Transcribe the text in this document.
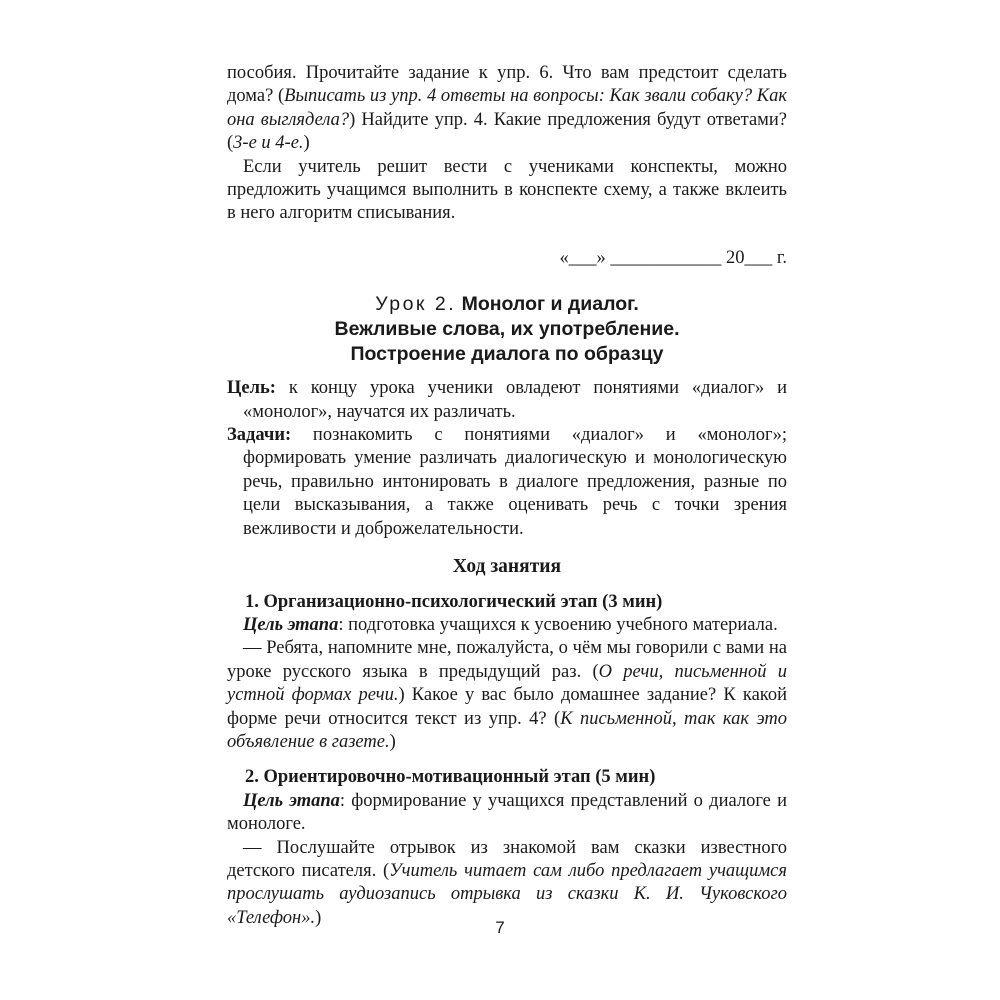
пособия. Прочитайте задание к упр. 6. Что вам предстоит сделать дома? (Выписать из упр. 4 ответы на вопросы: Как звали собаку? Как она выглядела?) Найдите упр. 4. Какие предложения будут ответами? (3-е и 4-е.)

Если учитель решит вести с учениками конспекты, можно предложить учащимся выполнить в конспекте схему, а также вклеить в него алгоритм списывания.

«___» ____________ 20___ г.

Урок 2. Монолог и диалог.
Вежливые слова, их употребление.
Построение диалога по образцу

Цель: к концу урока ученики овладеют понятиями «диалог» и «монолог», научатся их различать.

Задачи: познакомить с понятиями «диалог» и «монолог»; формировать умение различать диалогическую и монологическую речь, правильно интонировать в диалоге предложения, разные по цели высказывания, а также оценивать речь с точки зрения вежливости и доброжелательности.

Ход занятия

1. Организационно-психологический этап (3 мин)

Цель этапа: подготовка учащихся к усвоению учебного материала.

— Ребята, напомните мне, пожалуйста, о чём мы говорили с вами на уроке русского языка в предыдущий раз. (О речи, письменной и устной формах речи.) Какое у вас было домашнее задание? К какой форме речи относится текст из упр. 4? (К письменной, так как это объявление в газете.)

2. Ориентировочно-мотивационный этап (5 мин)

Цель этапа: формирование у учащихся представлений о диалоге и монологе.

— Послушайте отрывок из знакомой вам сказки известного детского писателя. (Учитель читает сам либо предлагает учащимся прослушать аудиозапись отрывка из сказки К. И. Чуковского «Телефон».)	7
